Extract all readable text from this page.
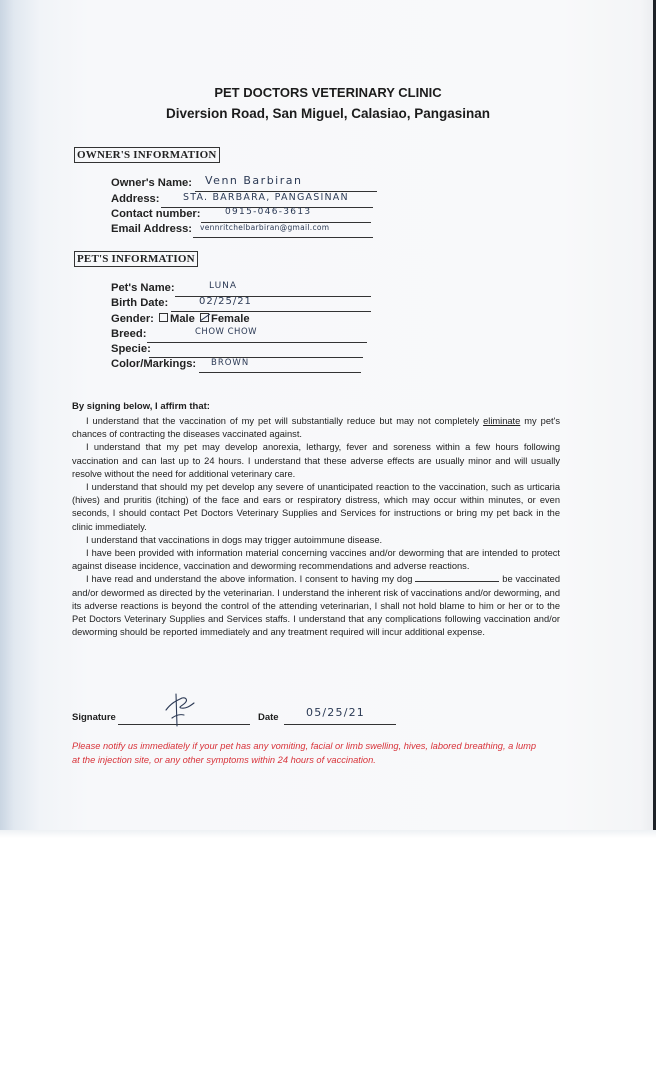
PET DOCTORS VETERINARY CLINIC
Diversion Road, San Miguel, Calasiao, Pangasinan
OWNER'S INFORMATION
Owner's Name: Venn Barbiran
Address: STA. BARBARA, PANGASINAN
Contact number:	0915-046-3613
Email Address: vennritchelbarbiran@gmail.com
PET'S INFORMATION
Pet's Name:	LUNA
Birth Date:	02/25/21
Gender: Male Female
Breed:	CHOW CHOW
Specie:
Color/Markings: BROWN
By signing below, I affirm that:

I understand that the vaccination of my pet will substantially reduce but may not completely eliminate my pet's chances of contracting the diseases vaccinated against.

I understand that my pet may develop anorexia, lethargy, fever and soreness within a few hours following vaccination and can last up to 24 hours. I understand that these adverse effects are usually minor and will usually resolve without the need for additional veterinary care.

I understand that should my pet develop any severe of unanticipated reaction to the vaccination, such as urticaria (hives) and pruritis (itching) of the face and ears or respiratory distress, which may occur within minutes, or even seconds, I should contact Pet Doctors Veterinary Supplies and Services for instructions or bring my pet back in the clinic immediately.

I understand that vaccinations in dogs may trigger autoimmune disease.

I have been provided with information material concerning vaccines and/or deworming that are intended to protect against disease incidence, vaccination and deworming recommendations and adverse reactions.

I have read and understand the above information. I consent to having my dog	be vaccinated and/or dewormed as directed by the veterinarian. I understand the inherent risk of vaccinations and/or deworming, and its adverse reactions is beyond the control of the attending veterinarian, I shall not hold blame to him or her or to the Pet Doctors Veterinary Supplies and Services staffs. I understand that any complications following vaccination and/or deworming should be reported immediately and any treatment required will incur additional expense.

Signature	Date 05/25/21
Please notify us immediately if your pet has any vomiting, facial or limb swelling, hives, labored breathing, a lump at the injection site, or any other symptoms within 24 hours of vaccination.
